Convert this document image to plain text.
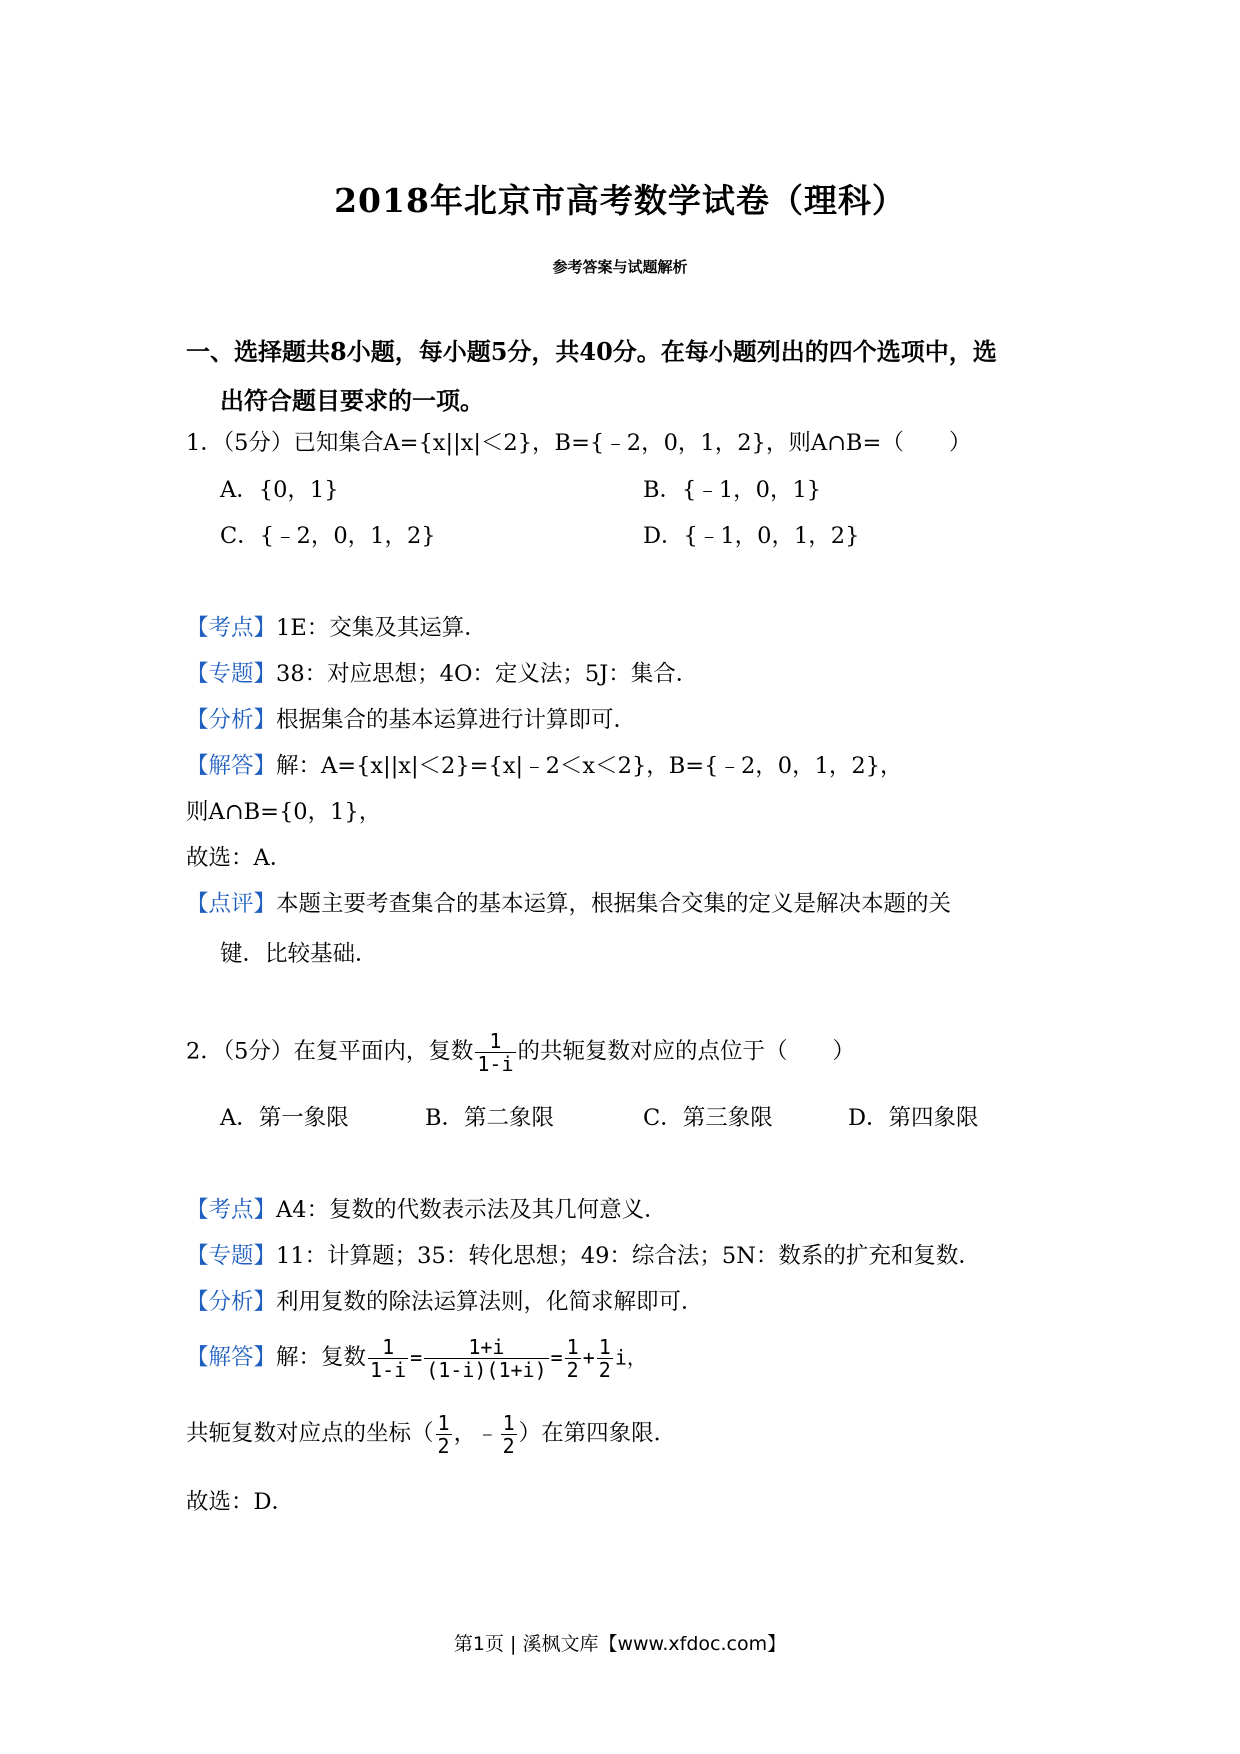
2018年北京市高考数学试卷（理科）
参考答案与试题解析
一、选择题共8小题，每小题5分，共40分。在每小题列出的四个选项中，选
出符合题目要求的一项。
1．（5分）已知集合A={x||x|＜2}，B={﹣2，0，1，2}，则A∩B=（　　）
A．{0，1}	B．{﹣1，0，1}
C．{﹣2，0，1，2}	D．{﹣1，0，1，2}
【考点】1E：交集及其运算．
【专题】38：对应思想；4O：定义法；5J：集合．
【分析】根据集合的基本运算进行计算即可．
【解答】解：A={x||x|＜2}={x|﹣2＜x＜2}，B={﹣2，0，1，2}，
则A∩B={0，1}，
故选：A．
【点评】本题主要考查集合的基本运算，根据集合交集的定义是解决本题的关
键．比较基础．
2．（5分）在复平面内，复数 $\frac{1}{1-i}$ 的共轭复数对应的点位于（　　）
A．第一象限	B．第二象限	C．第三象限	D．第四象限
【考点】A4：复数的代数表示法及其几何意义．
【专题】11：计算题；35：转化思想；49：综合法；5N：数系的扩充和复数．
【分析】利用复数的除法运算法则，化简求解即可．
【解答】解：复数 $\frac{1}{1-i} = \frac{1+i}{(1-i)(1+i)} = \frac{1}{2} + \frac{1}{2}$ i，
共轭复数对应点的坐标（ $\frac{1}{2}$ ，﹣ $\frac{1}{2}$ ）在第四象限．
故选：D．
第1页 | 溪枫文库【www.xfdoc.com】
